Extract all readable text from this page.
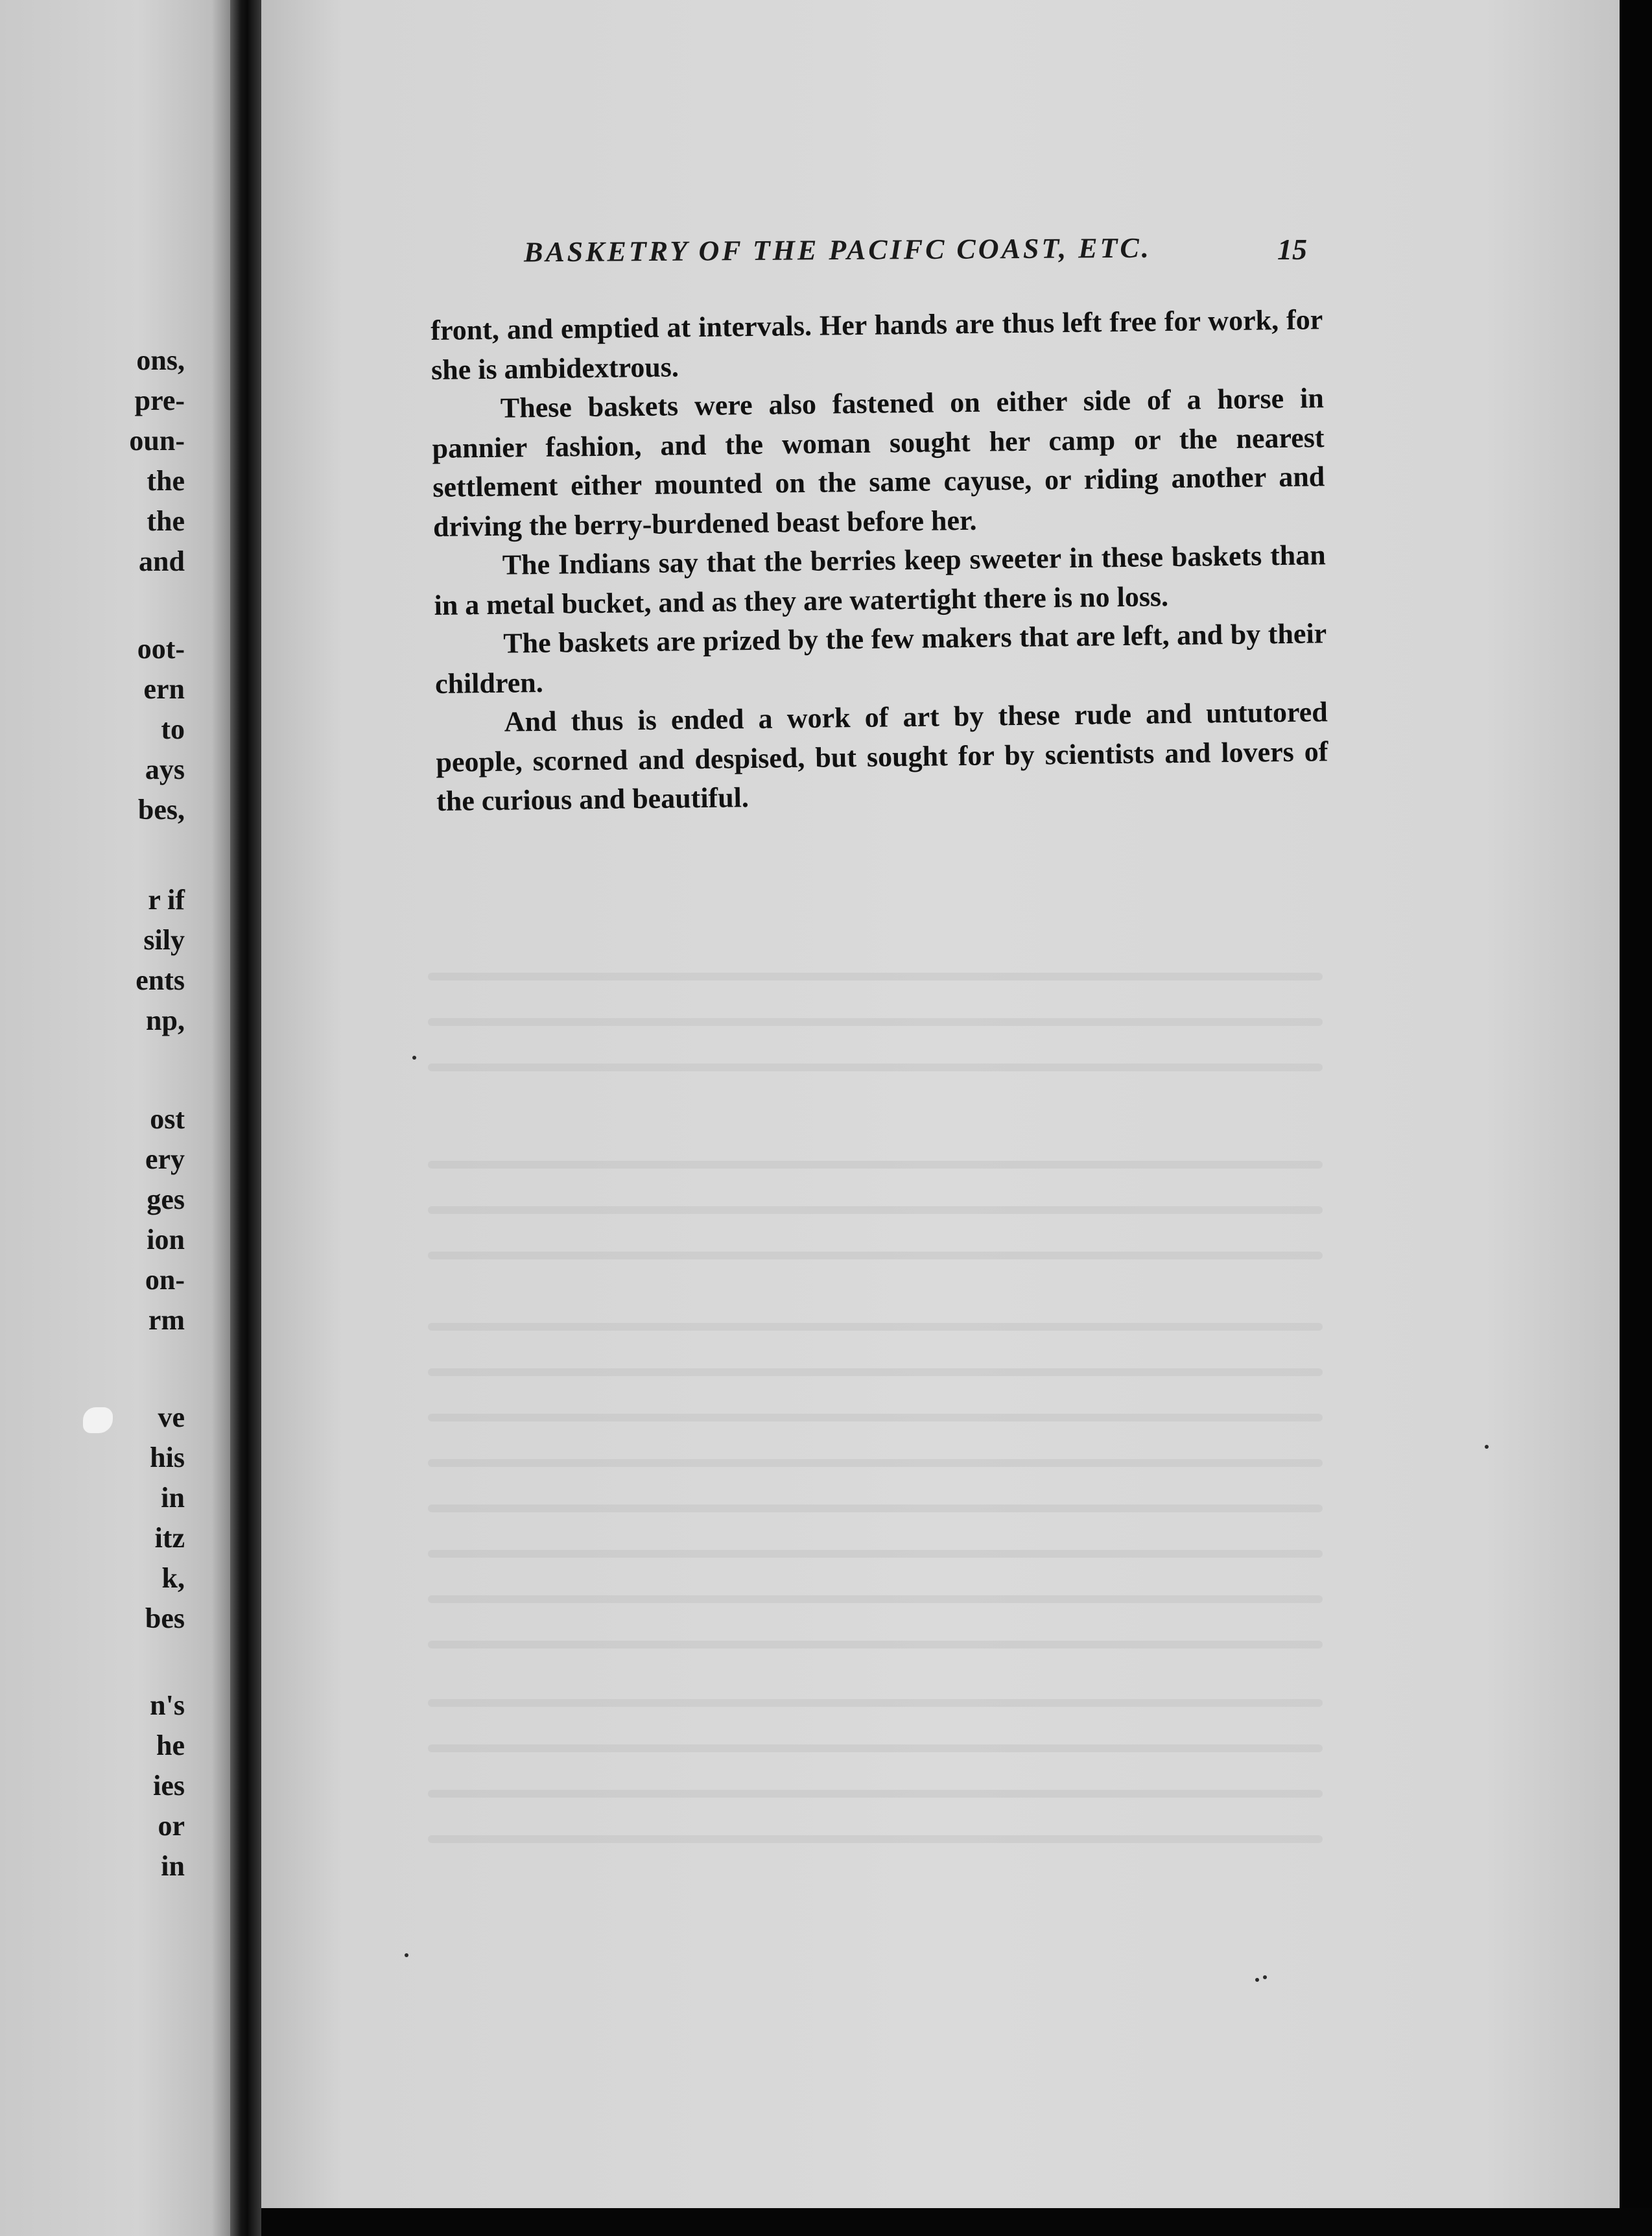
ons,

pre-

oun-

the

the

and

oot-

ern

to

ays

bes,

r if

sily

ents

np,

ost

ery

ges

ion

on-

rm

ve

his

in

itz

k,

bes

n's

he

ies

or

in

BASKETRY OF THE PACIFC COAST, ETC.	15

front, and emptied at intervals. Her hands are thus left free for work, for she is ambidextrous.

These baskets were also fastened on either side of a horse in pannier fashion, and the woman sought her camp or the nearest settlement either mounted on the same cayuse, or riding another and driving the berry-burdened beast before her.

The Indians say that the berries keep sweeter in these baskets than in a metal bucket, and as they are watertight there is no loss.

The baskets are prized by the few makers that are left, and by their children.

And thus is ended a work of art by these rude and untutored people, scorned and despised, but sought for by scientists and lovers of the curious and beautiful.
